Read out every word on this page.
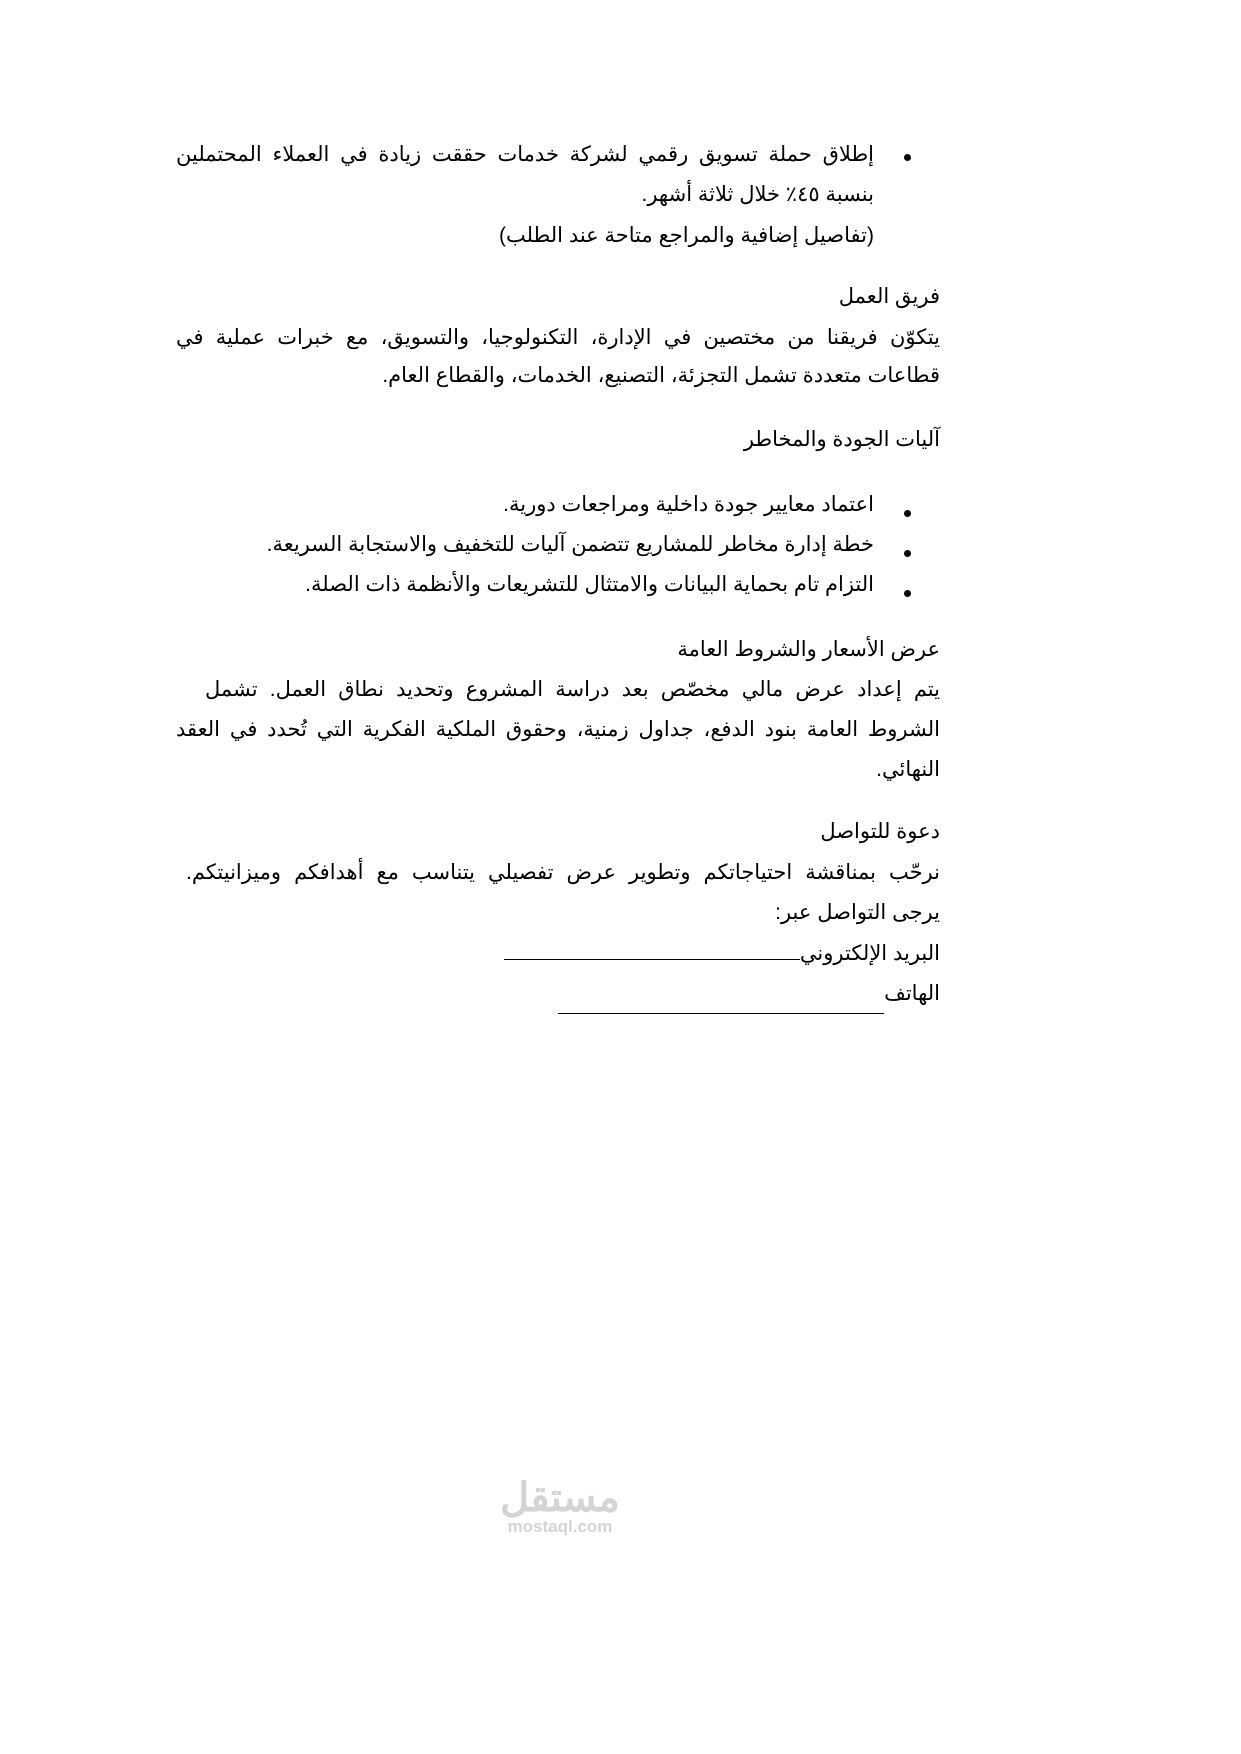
إطلاق حملة تسويق رقمي لشركة خدمات حققت زيادة في العملاء المحتملين
بنسبة ٤٥٪ خلال ثلاثة أشهر.
(تفاصيل إضافية والمراجع متاحة عند الطلب)
فريق العمل
يتكوّن فريقنا من مختصين في الإدارة، التكنولوجيا، والتسويق، مع خبرات عملية في
قطاعات متعددة تشمل التجزئة، التصنيع، الخدمات، والقطاع العام.
آليات الجودة والمخاطر
اعتماد معايير جودة داخلية ومراجعات دورية.
خطة إدارة مخاطر للمشاريع تتضمن آليات للتخفيف والاستجابة السريعة.
التزام تام بحماية البيانات والامتثال للتشريعات والأنظمة ذات الصلة.
عرض الأسعار والشروط العامة
يتم إعداد عرض مالي مخصّص بعد دراسة المشروع وتحديد نطاق العمل. تشمل
الشروط العامة بنود الدفع، جداول زمنية، وحقوق الملكية الفكرية التي تُحدد في العقد
النهائي.
دعوة للتواصل
نرحّب بمناقشة احتياجاتكم وتطوير عرض تفصيلي يتناسب مع أهدافكم وميزانيتكم.
يرجى التواصل عبر:
البريد الإلكتروني
الهاتف
مستقل
mostaql.com
